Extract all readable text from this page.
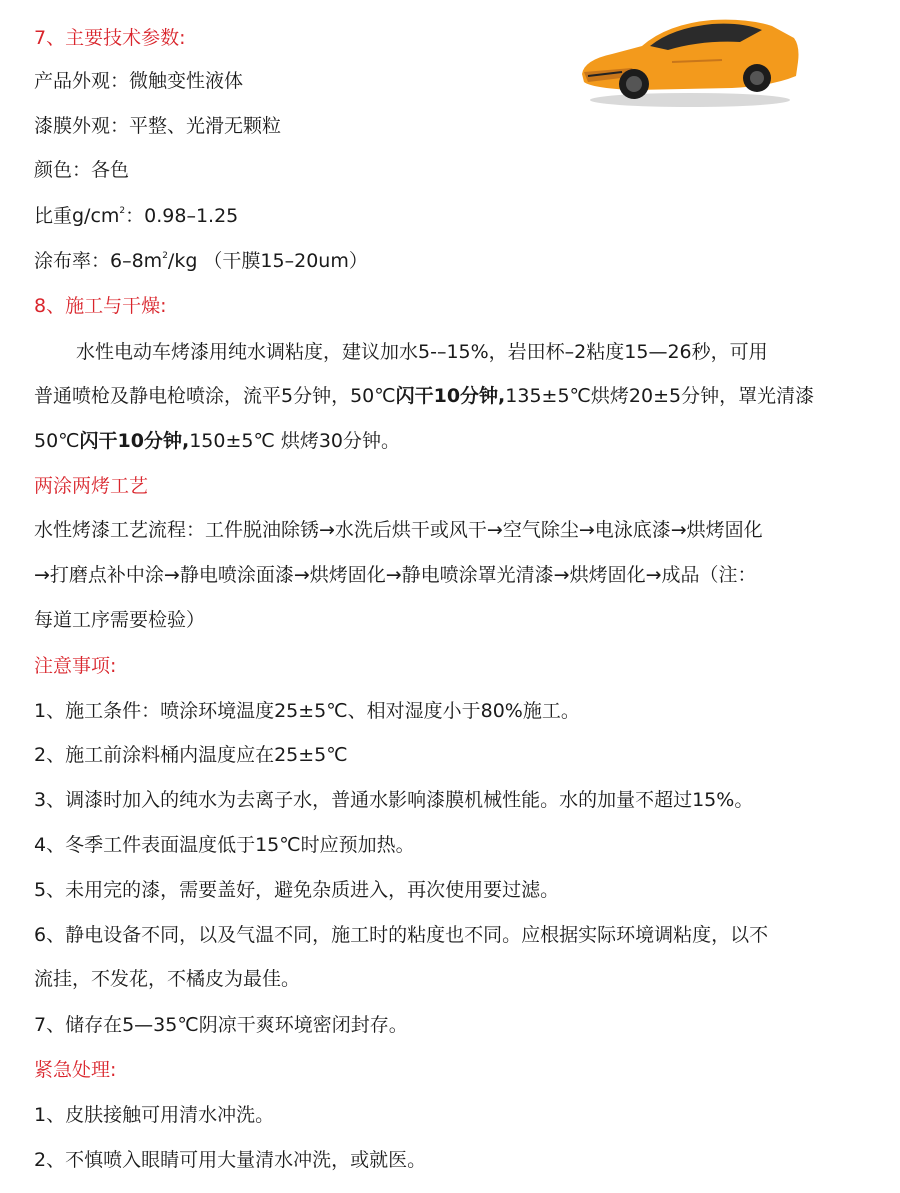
7、主要技术参数:
产品外观：微触变性液体
漆膜外观：平整、光滑无颗粒
颜色：各色
比重$g/cm^2$：0.98–1.25
涂布率：$6-8m^2/kg$ （干膜15–20um）
8、施工与干燥:
水性电动车烤漆用纯水调粘度，建议加水5-–15%，岩田杯–2粘度15—26秒，可用
普通喷枪及静电枪喷涂，流平5分钟，50℃闪干10分钟,135±5℃烘烤20±5分钟，罩光清漆
50℃闪干10分钟,150±5℃ 烘烤30分钟。
两涂两烤工艺
水性烤漆工艺流程：工件脱油除锈→水洗后烘干或风干→空气除尘→电泳底漆→烘烤固化
→打磨点补中涂→静电喷涂面漆→烘烤固化→静电喷涂罩光清漆→烘烤固化→成品（注：
每道工序需要检验）
注意事项:
1、施工条件：喷涂环境温度25±5℃、相对湿度小于80%施工。
2、施工前涂料桶内温度应在25±5℃
3、调漆时加入的纯水为去离子水，普通水影响漆膜机械性能。水的加量不超过15%。
4、冬季工件表面温度低于15℃时应预加热。
5、未用完的漆，需要盖好，避免杂质进入，再次使用要过滤。
6、静电设备不同，以及气温不同，施工时的粘度也不同。应根据实际环境调粘度，以不
流挂，不发花，不橘皮为最佳。
7、储存在5—35℃阴凉干爽环境密闭封存。
紧急处理:
1、皮肤接触可用清水冲洗。
2、不慎喷入眼睛可用大量清水冲洗，或就医。
